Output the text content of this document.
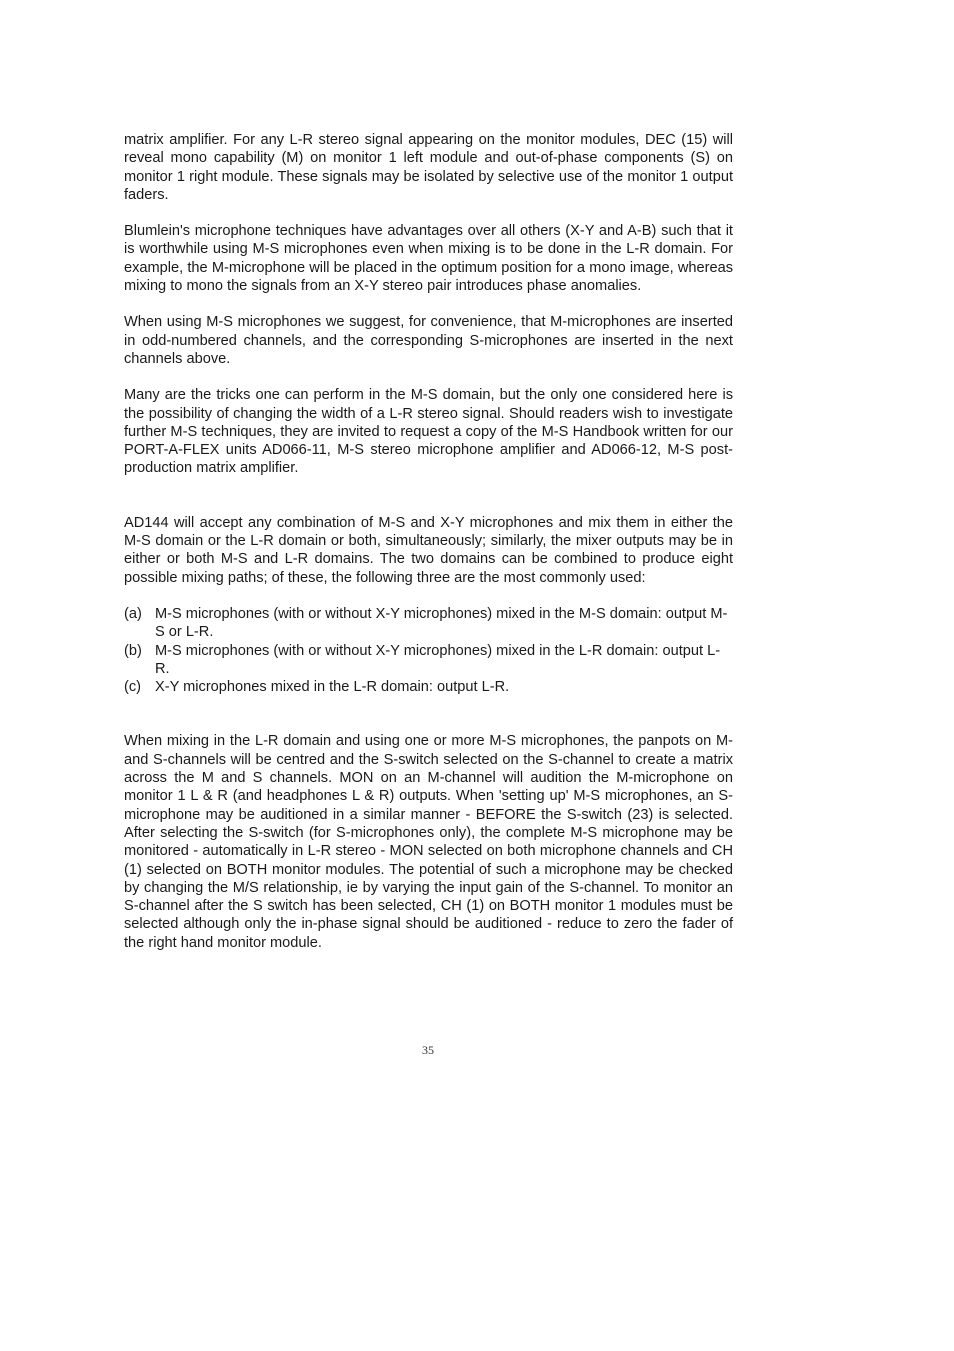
matrix amplifier. For any L-R stereo signal appearing on the monitor modules, DEC (15) will reveal mono capability (M) on monitor 1 left module and out-of-phase components (S) on monitor 1 right module. These signals may be isolated by selective use of the monitor 1 output faders.

Blumlein's microphone techniques have advantages over all others (X-Y and A-B) such that it is worthwhile using M-S microphones even when mixing is to be done in the L-R domain. For example, the M-microphone will be placed in the optimum position for a mono image, whereas mixing to mono the signals from an X-Y stereo pair introduces phase anomalies.

When using M-S microphones we suggest, for convenience, that M-microphones are inserted in odd-numbered channels, and the corresponding S-microphones are inserted in the next channels above.

Many are the tricks one can perform in the M-S domain, but the only one considered here is the possibility of changing the width of a L-R stereo signal. Should readers wish to investigate further M-S techniques, they are invited to request a copy of the M-S Handbook written for our PORT-A-FLEX units AD066-11, M-S stereo microphone amplifier and AD066-12, M-S post-production matrix amplifier.

AD144 will accept any combination of M-S and X-Y microphones and mix them in either the M-S domain or the L-R domain or both, simultaneously; similarly, the mixer outputs may be in either or both M-S and L-R domains. The two domains can be combined to produce eight possible mixing paths; of these, the following three are the most commonly used:

(a) M-S microphones (with or without X-Y microphones) mixed in the M-S domain: output M-S or L-R.
(b) M-S microphones (with or without X-Y microphones) mixed in the L-R domain: output L-R.
(c) X-Y microphones mixed in the L-R domain: output L-R.

When mixing in the L-R domain and using one or more M-S microphones, the panpots on M- and S-channels will be centred and the S-switch selected on the S-channel to create a matrix across the M and S channels. MON on an M-channel will audition the M-microphone on monitor 1 L & R (and headphones L & R) outputs. When 'setting up' M-S microphones, an S-microphone may be auditioned in a similar manner - BEFORE the S-switch (23) is selected. After selecting the S-switch (for S-microphones only), the complete M-S microphone may be monitored - automatically in L-R stereo - MON selected on both microphone channels and CH (1) selected on BOTH monitor modules. The potential of such a microphone may be checked by changing the M/S relationship, ie by varying the input gain of the S-channel. To monitor an S-channel after the S switch has been selected, CH (1) on BOTH monitor 1 modules must be selected although only the in-phase signal should be auditioned - reduce to zero the fader of the right hand monitor module.

35
